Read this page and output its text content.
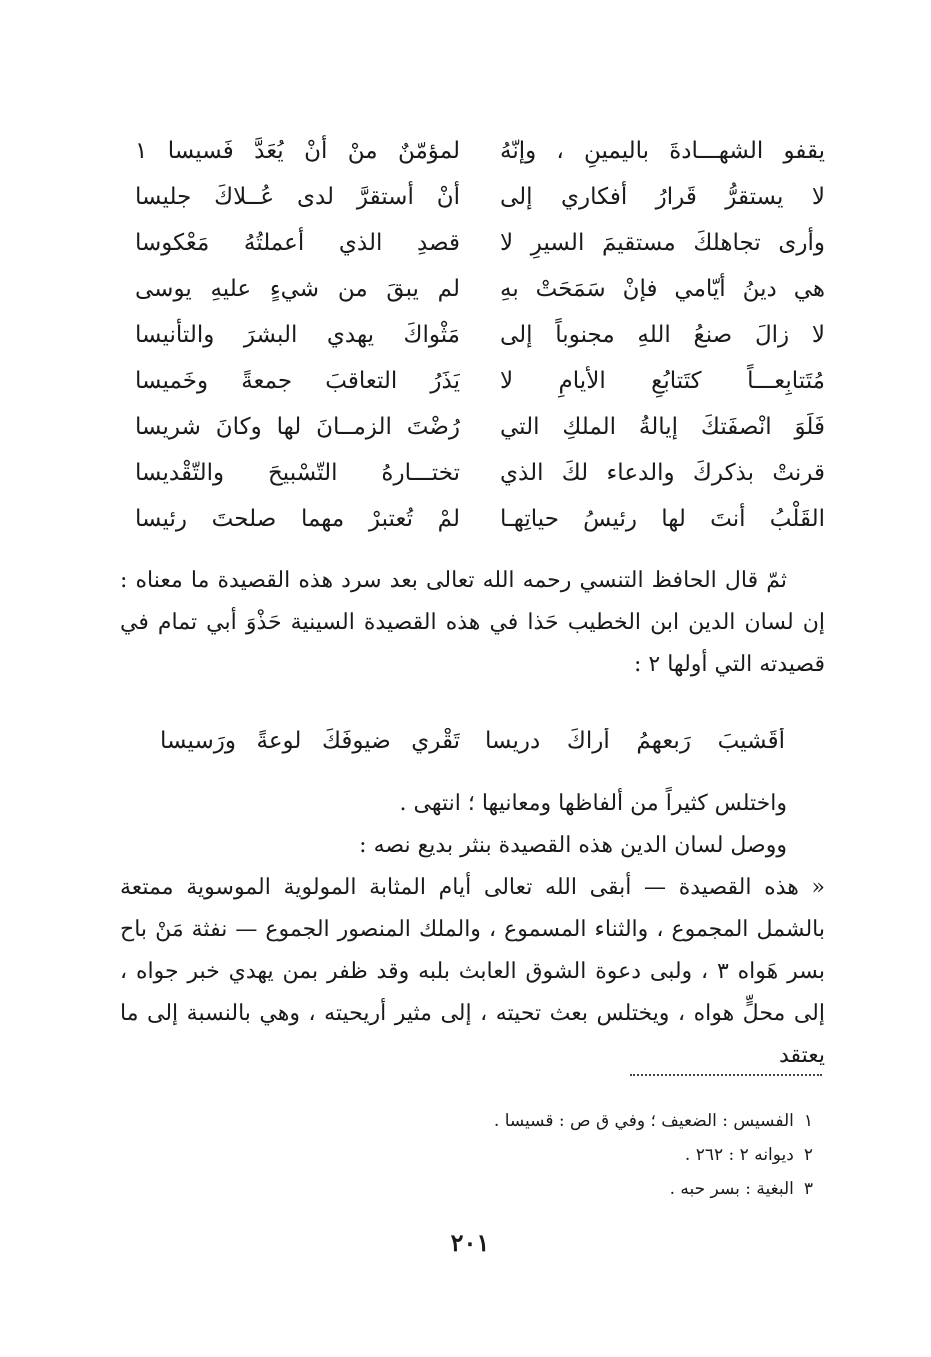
يقفو الشهـــادةَ باليمينِ ، وإنّهُ
لمؤمّنٌ منْ أنْ يُعَدَّ فَسيسا ١
لا يستقرُّ قَرارُ أفكاري إلى
أنْ أستقرَّ لدى عُــلاكَ جليسا
وأرى تجاهلكَ مستقيمَ السيرِ لا
قصدِ الذي أعملتُهُ مَعْكوسا
هي دينُ أيّامي فإنْ سَمَحَتْ بهِ
لم يبقَ من شيءٍ عليهِ يوسى
لا زالَ صنعُ اللهِ مجنوباً إلى
مَثْواكَ يهدي البشرَ والتأنيسا
مُتَتابِعـــاً كتَتابُعِ الأيامِ لا
يَذَرُ التعاقبَ جمعةً وخَميسا
فَلَوَ انْصفَتكَ إيالةُ الملكِ التي
رُضْتَ الزمــانَ لها وكانَ شريسا
قرنتْ بذكركَ والدعاء لكَ الذي
تختـــارهُ التّسْبيحَ والتّقْديسا
القَلْبُ أنتَ لها رئيسُ حياتِهـا
لمْ تُعتبرْ مهما صلحتَ رئيسا
ثمّ قال الحافظ التنسي رحمه الله تعالى بعد سرد هذه القصيدة ما معناه : إن لسان الدين ابن الخطيب حَذا في هذه القصيدة السينية حَذْوَ أبي تمام في قصيدته التي أولها ٢ :
أقَشيبَ رَبعهمُ أراكَ دريسا
تَقْري ضيوفَكَ لوعةً ورَسيسا

واختلس كثيراً من ألفاظها ومعانيها ؛ انتهى .

ووصل لسان الدين هذه القصيدة بنثر بديع نصه :

« هذه القصيدة — أبقى الله تعالى أيام المثابة المولوية الموسوية ممتعة بالشمل المجموع ، والثناء المسموع ، والملك المنصور الجموع — نفثة مَنْ باح بسر هَواه ٣ ، ولبى دعوة الشوق العابث بلبه وقد ظفر بمن يهدي خبر جواه ، إلى محلٍّ هواه ، ويختلس بعث تحيته ، إلى مثير أريحيته ، وهي بالنسبة إلى ما يعتقد

١
الفسيس : الضعيف ؛ وفي ق ص : قسيسا .
٢
ديوانه ٢ : ٢٦٢ .
٣
البغية : بسر حبه .
٢٠١
